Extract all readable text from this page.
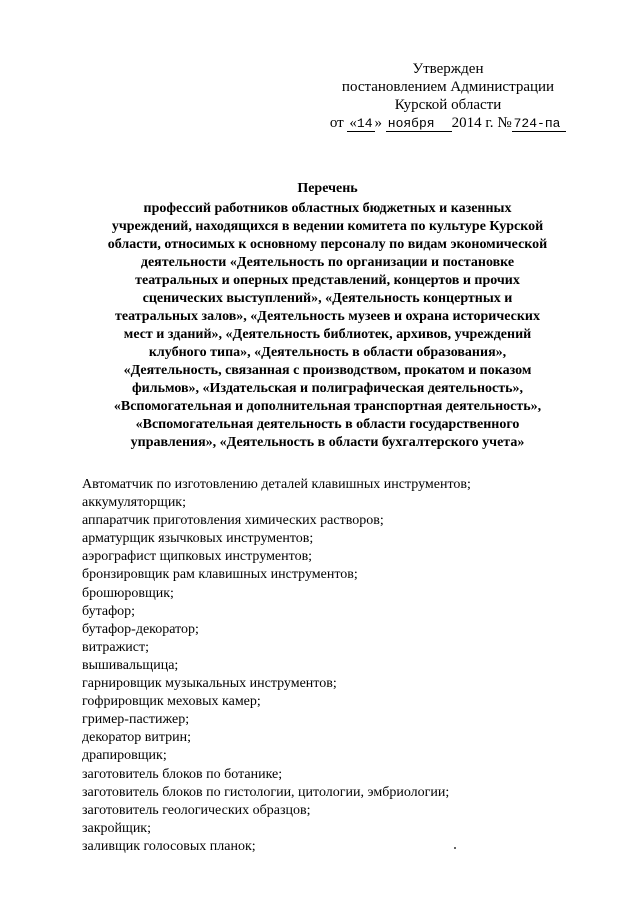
Утвержден
постановлением Администрации
Курской области
от «14 » ноября 2014 г. № 724-па
Перечень
профессий работников областных бюджетных и казенных
учреждений, находящихся в ведении комитета по культуре Курской
области, относимых к основному персоналу по видам экономической
деятельности «Деятельность по организации и постановке
театральных и оперных представлений, концертов и прочих
сценических выступлений», «Деятельность концертных и
театральных залов», «Деятельность музеев и охрана исторических
мест и зданий», «Деятельность библиотек, архивов, учреждений
клубного типа», «Деятельность в области образования»,
«Деятельность, связанная с производством, прокатом и показом
фильмов», «Издательская и полиграфическая деятельность»,
«Вспомогательная и дополнительная транспортная деятельность»,
«Вспомогательная деятельность в области государственного
управления», «Деятельность в области бухгалтерского учета»
Автоматчик по изготовлению деталей клавишных инструментов;
аккумуляторщик;
аппаратчик приготовления химических растворов;
арматурщик язычковых инструментов;
аэрографист щипковых инструментов;
бронзировщик рам клавишных инструментов;
брошюровщик;
бутафор;
бутафор-декоратор;
витражист;
вышивальщица;
гарнировщик музыкальных инструментов;
гофрировщик меховых камер;
гример-пастижер;
декоратор витрин;
драпировщик;
заготовитель блоков по ботанике;
заготовитель блоков по гистологии, цитологии, эмбриологии;
заготовитель геологических образцов;
закройщик;
заливщик голосовых планок;
